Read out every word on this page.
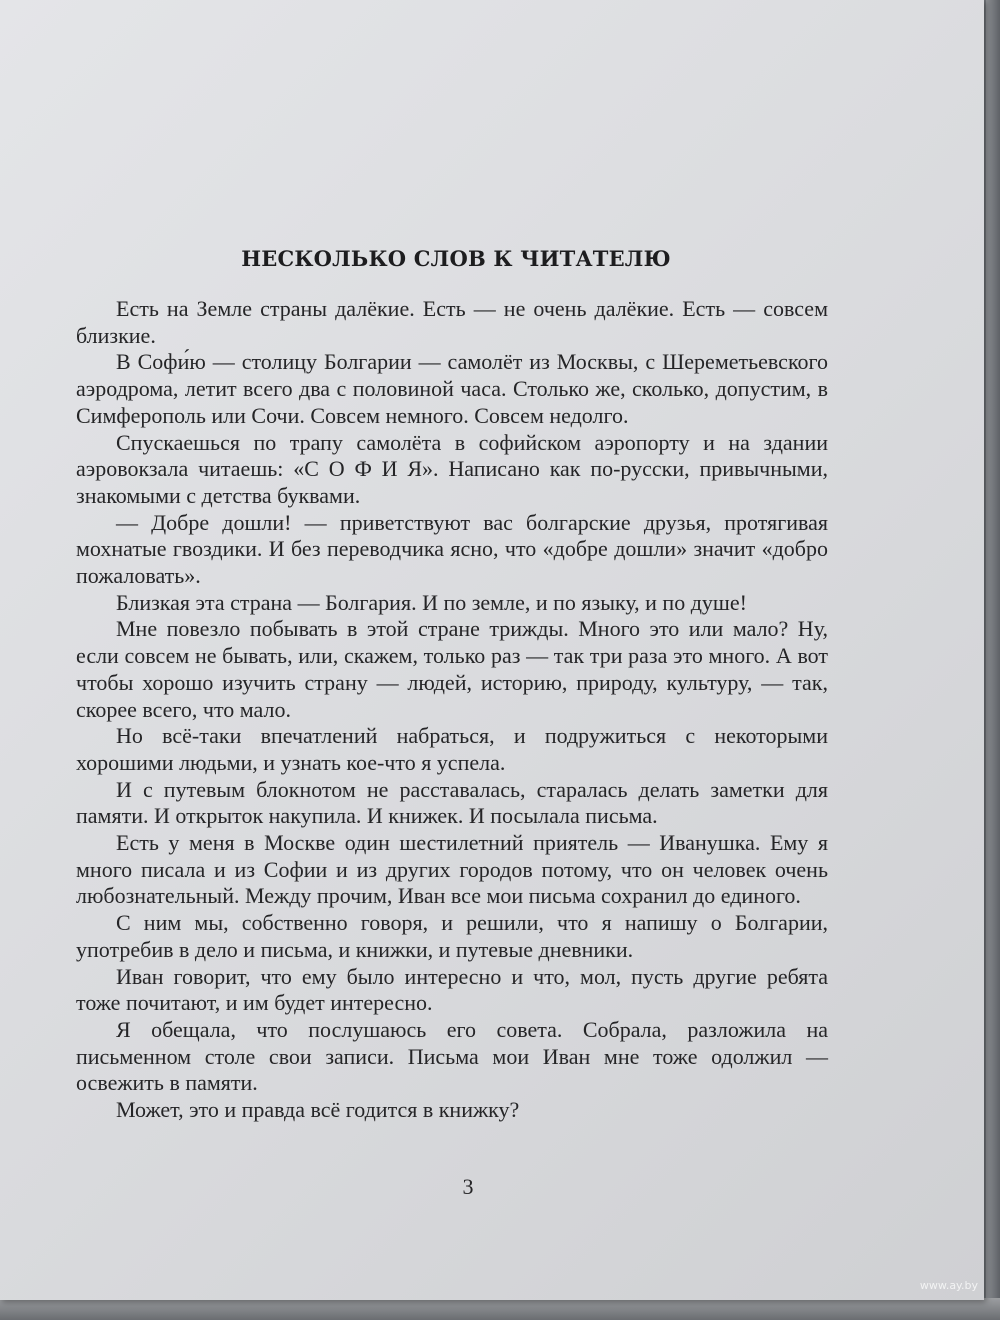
НЕСКОЛЬКО СЛОВ К ЧИТАТЕЛЮ

Есть на Земле страны далёкие. Есть — не очень далёкие. Есть — совсем близкие.

В Софи́ю — столицу Болгарии — самолёт из Москвы, с Шереметьевского аэродрома, летит всего два с половиной часа. Столько же, сколько, допустим, в Симферополь или Сочи. Совсем немного. Совсем недолго.

Спускаешься по трапу самолёта в софийском аэропорту и на здании аэровокзала читаешь: «С О Ф И Я». Написано как по-русски, привычными, знакомыми с детства буквами.

— Добре дошли! — приветствуют вас болгарские друзья, протягивая мохнатые гвоздики. И без переводчика ясно, что «добре дошли» значит «добро пожаловать».

Близкая эта страна — Болгария. И по земле, и по языку, и по душе!

Мне повезло побывать в этой стране трижды. Много это или мало? Ну, если совсем не бывать, или, скажем, только раз — так три раза это много. А вот чтобы хорошо изучить страну — людей, историю, природу, культуру, — так, скорее всего, что мало.

Но всё-таки впечатлений набраться, и подружиться с некоторыми хорошими людьми, и узнать кое-что я успела.

И с путевым блокнотом не расставалась, старалась делать заметки для памяти. И открыток накупила. И книжек. И посылала письма.

Есть у меня в Москве один шестилетний приятель — Иванушка. Ему я много писала и из Софии и из других городов потому, что он человек очень любознательный. Между прочим, Иван все мои письма сохранил до единого.

С ним мы, собственно говоря, и решили, что я напишу о Болгарии, употребив в дело и письма, и книжки, и путевые дневники.

Иван говорит, что ему было интересно и что, мол, пусть другие ребята тоже почитают, и им будет интересно.

Я обещала, что послушаюсь его совета. Собрала, разложила на письменном столе свои записи. Письма мои Иван мне тоже одолжил — освежить в памяти.

Может, это и правда всё годится в книжку?

3
www.ay.by
